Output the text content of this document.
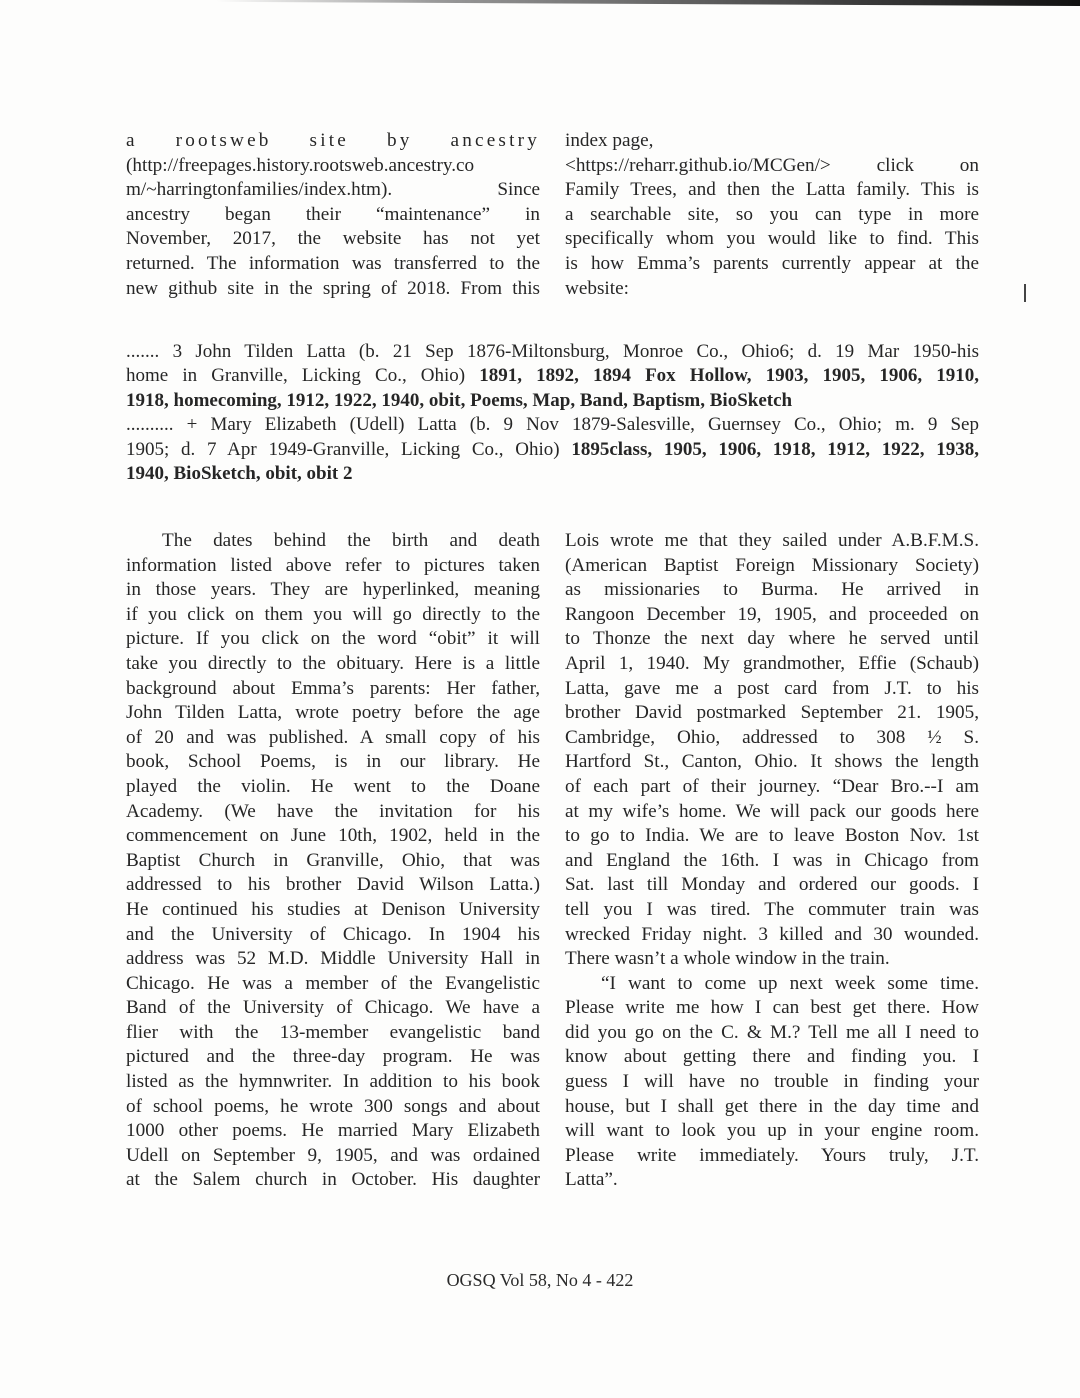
a rootsweb site by ancestry
(http://freepages.history.rootsweb.ancestry.co
m/~harringtonfamilies/index.htm). Since
ancestry began their “maintenance” in
November, 2017, the website has not yet
returned. The information was transferred to the
new github site in the spring of 2018. From this
index page,
<https://reharr.github.io/MCGen/> click on
Family Trees, and then the Latta family. This is
a searchable site, so you can type in more
specifically whom you would like to find. This
is how Emma’s parents currently appear at the
website:
....... 3 John Tilden Latta (b. 21 Sep 1876-Miltonsburg, Monroe Co., Ohio6; d. 19 Mar 1950-his
home in Granville, Licking Co., Ohio) 1891, 1892, 1894 Fox Hollow, 1903, 1905, 1906, 1910,
1918, homecoming, 1912, 1922, 1940, obit, Poems, Map, Band, Baptism, BioSketch
.......... + Mary Elizabeth (Udell) Latta (b. 9 Nov 1879-Salesville, Guernsey Co., Ohio; m. 9 Sep
1905; d. 7 Apr 1949-Granville, Licking Co., Ohio) 1895class, 1905, 1906, 1918, 1912, 1922, 1938,
1940, BioSketch, obit, obit 2
The dates behind the birth and death
information listed above refer to pictures taken
in those years. They are hyperlinked, meaning
if you click on them you will go directly to the
picture. If you click on the word “obit” it will
take you directly to the obituary. Here is a little
background about Emma’s parents: Her father,
John Tilden Latta, wrote poetry before the age
of 20 and was published. A small copy of his
book, School Poems, is in our library. He
played the violin. He went to the Doane
Academy. (We have the invitation for his
commencement on June 10th, 1902, held in the
Baptist Church in Granville, Ohio, that was
addressed to his brother David Wilson Latta.)
He continued his studies at Denison University
and the University of Chicago. In 1904 his
address was 52 M.D. Middle University Hall in
Chicago. He was a member of the Evangelistic
Band of the University of Chicago. We have a
flier with the 13-member evangelistic band
pictured and the three-day program. He was
listed as the hymnwriter. In addition to his book
of school poems, he wrote 300 songs and about
1000 other poems. He married Mary Elizabeth
Udell on September 9, 1905, and was ordained
at the Salem church in October. His daughter
Lois wrote me that they sailed under A.B.F.M.S.
(American Baptist Foreign Missionary Society)
as missionaries to Burma. He arrived in
Rangoon December 19, 1905, and proceeded on
to Thonze the next day where he served until
April 1, 1940. My grandmother, Effie (Schaub)
Latta, gave me a post card from J.T. to his
brother David postmarked September 21. 1905,
Cambridge, Ohio, addressed to 308 ½ S.
Hartford St., Canton, Ohio. It shows the length
of each part of their journey. “Dear Bro.--I am
at my wife’s home. We will pack our goods here
to go to India. We are to leave Boston Nov. 1st
and England the 16th. I was in Chicago from
Sat. last till Monday and ordered our goods. I
tell you I was tired. The commuter train was
wrecked Friday night. 3 killed and 30 wounded.
There wasn’t a whole window in the train.
“I want to come up next week some time.
Please write me how I can best get there. How
did you go on the C. & M.? Tell me all I need to
know about getting there and finding you. I
guess I will have no trouble in finding your
house, but I shall get there in the day time and
will want to look you up in your engine room.
Please write immediately. Yours truly, J.T.
Latta”.
OGSQ Vol 58, No 4 - 422
